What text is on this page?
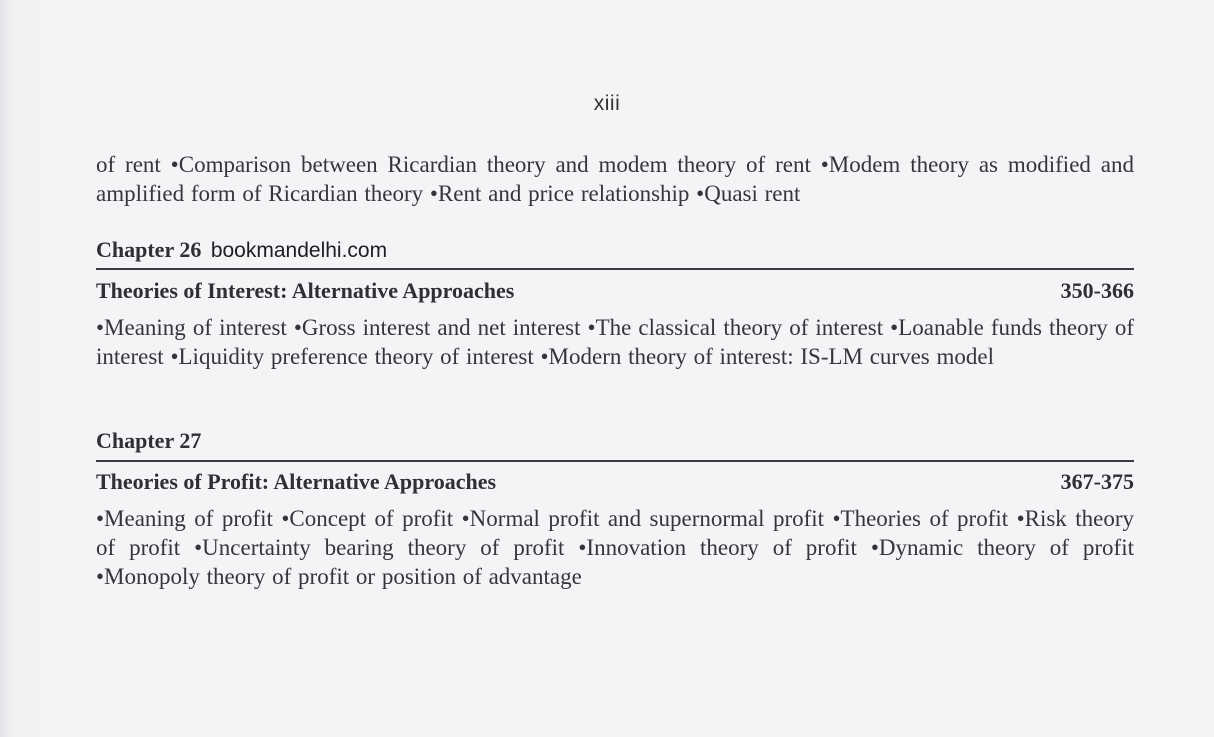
xiii
of rent •Comparison between Ricardian theory and modem theory of rent •Modem theory as modified and amplified form of Ricardian theory •Rent and price relationship •Quasi rent
Chapter 26 bookmandelhi.com
Theories of Interest: Alternative Approaches	350-366
•Meaning of interest •Gross interest and net interest •The classical theory of interest •Loanable funds theory of interest •Liquidity preference theory of interest •Modern theory of interest: IS-LM curves model
Chapter 27
Theories of Profit: Alternative Approaches	367-375
•Meaning of profit •Concept of profit •Normal profit and supernormal profit •Theories of profit •Risk theory of profit •Uncertainty bearing theory of profit •Innovation theory of profit •Dynamic theory of profit •Monopoly theory of profit or position of advantage
